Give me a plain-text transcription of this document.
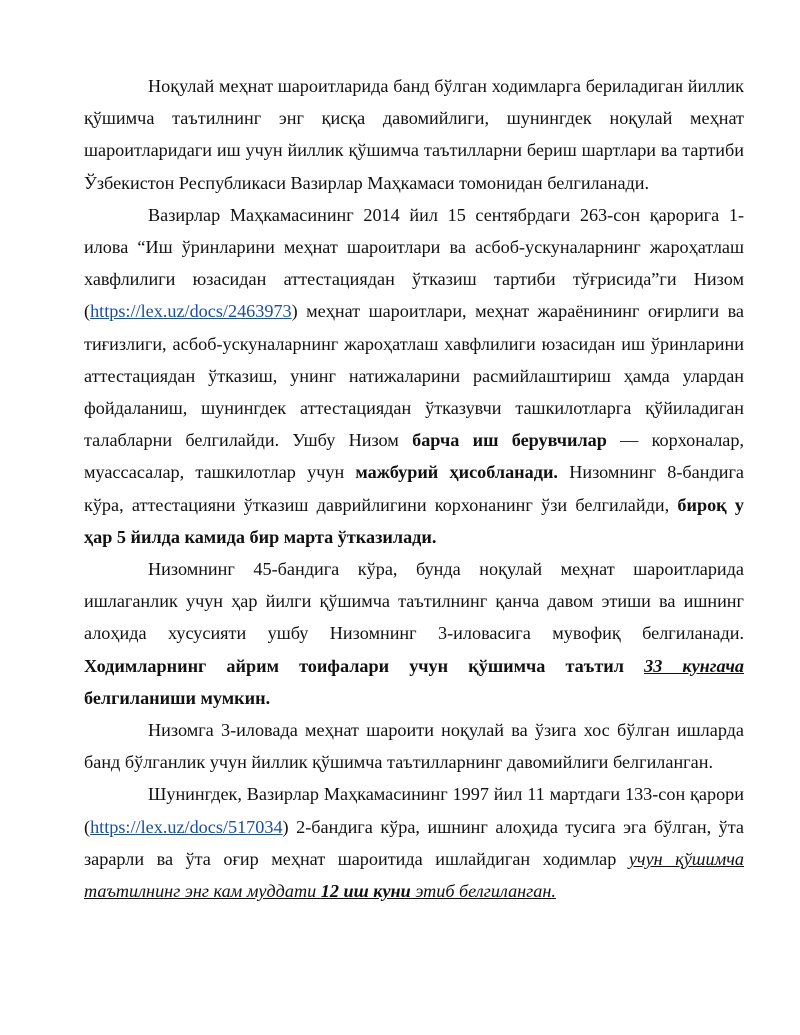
Ноқулай меҳнат шароитларида банд бўлган ходимларга бериладиган йиллик қўшимча таътилнинг энг қисқа давомийлиги, шунингдек ноқулай меҳнат шароитларидаги иш учун йиллик қўшимча таътилларни бериш шартлари ва тартиби Ўзбекистон Республикаси Вазирлар Маҳкамаси томонидан белгиланади.

Вазирлар Маҳкамасининг 2014 йил 15 сентябрдаги 263-сон қарорига 1-илова “Иш ўринларини меҳнат шароитлари ва асбоб-ускуналарнинг жароҳатлаш хавфлилиги юзасидан аттестациядан ўтказиш тартиби тўғрисида”ги Низом (https://lex.uz/docs/2463973) меҳнат шароитлари, меҳнат жараёнининг оғирлиги ва тиғизлиги, асбоб-ускуналарнинг жароҳатлаш хавфлилиги юзасидан иш ўринларини аттестациядан ўтказиш, унинг натижаларини расмийлаштириш ҳамда улардан фойдаланиш, шунингдек аттестациядан ўтказувчи ташкилотларга қўйиладиган талабларни белгилайди. Ушбу Низом барча иш берувчилар — корхоналар, муассасалар, ташкилотлар учун мажбурий ҳисобланади. Низомнинг 8-бандига кўра, аттестацияни ўтказиш даврийлигини корхонанинг ўзи белгилайди, бироқ у ҳар 5 йилда камида бир марта ўтказилади.

Низомнинг 45-бандига кўра, бунда ноқулай меҳнат шароитларида ишлаганлик учун ҳар йилги қўшимча таътилнинг қанча давом этиши ва ишнинг алоҳида хусусияти ушбу Низомнинг 3-иловасига мувофиқ белгиланади. Ходимларнинг айрим тоифалари учун қўшимча таътил 33 кунгача белгиланиши мумкин.

Низомга 3-иловада меҳнат шароити ноқулай ва ўзига хос бўлган ишларда банд бўлганлик учун йиллик қўшимча таътилларнинг давомийлиги белгиланган.

Шунингдек, Вазирлар Маҳкамасининг 1997 йил 11 мартдаги 133-сон қарори (https://lex.uz/docs/517034) 2-бандига кўра, ишнинг алоҳида тусига эга бўлган, ўта зарарли ва ўта оғир меҳнат шароитида ишлайдиган ходимлар учун қўшимча таътилнинг энг кам муддати 12 иш куни этиб белгиланган.
